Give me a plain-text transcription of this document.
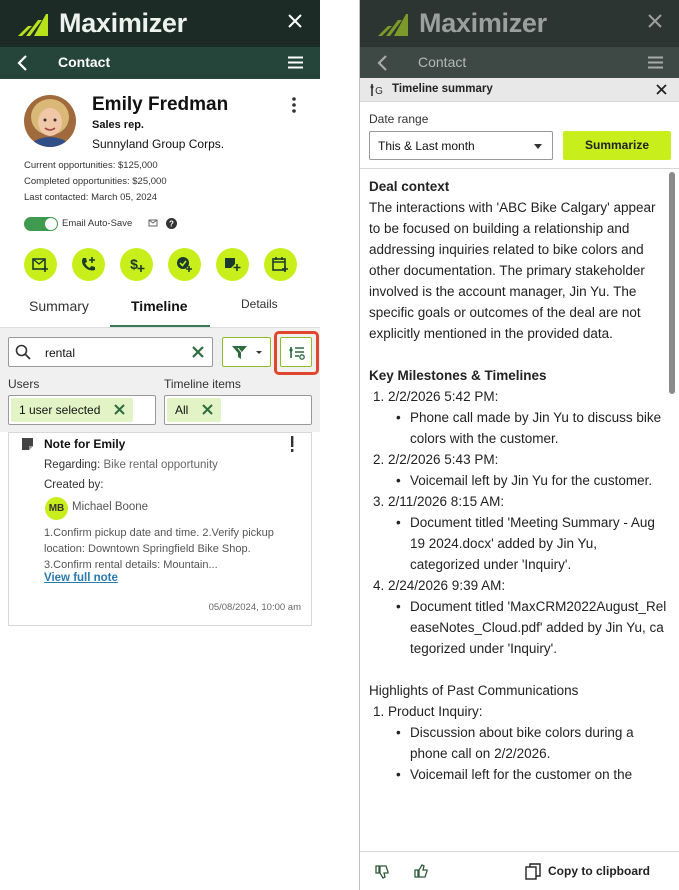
Maximizer
Contact
Emily Fredman
Sales rep.
Sunnyland Group Corps.
Current opportunities: $125,000
Completed opportunities: $25,000
Last contacted: March 05, 2024
Email Auto-Save	?
$
Summary	Timeline	Details
rental
Users
1 user selected
Timeline items
All
Note for Emily
Regarding: Bike rental opportunity
Created by:
MB Michael Boone
1.Confirm pickup date and time. 2.Verify pickup location: Downtown Springfield Bike Shop. 3.Confirm rental details: Mountain...
View full note
05/08/2024, 10:00 am
Maximizer
Contact
G Timeline summary
Date range
This & Last month	Summarize
Deal context
The interactions with 'ABC Bike Calgary' appear to be focused on building a relationship and addressing inquiries related to bike colors and other documentation. The primary stakeholder involved is the account manager, Jin Yu. The specific goals or outcomes of the deal are not explicitly mentioned in the provided data.
Key Milestones & Timelines
1. 2/2/2026 5:42 PM:
• Phone call made by Jin Yu to discuss bike colors with the customer.
2. 2/2/2026 5:43 PM:
• Voicemail left by Jin Yu for the customer.
3. 2/11/2026 8:15 AM:
• Document titled 'Meeting Summary - Aug 19 2024.docx' added by Jin Yu, categorized under 'Inquiry'.
4. 2/24/2026 9:39 AM:
• Document titled 'MaxCRM2022August_ReleaseNotes_Cloud.pdf' added by Jin Yu, categorized under 'Inquiry'.
Highlights of Past Communications
1. Product Inquiry:
• Discussion about bike colors during a phone call on 2/2/2026.
• Voicemail left for the customer on the
Copy to clipboard
